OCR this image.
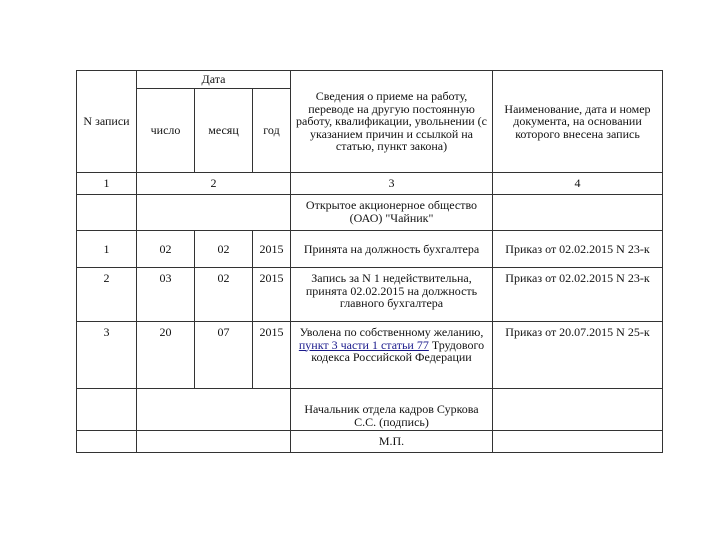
N записи	Дата			Сведения о приеме на работу, переводе на другую постоянную работу, квалификации, увольнении (с указанием причин и ссылкой на статью, пункт закона)	Наименование, дата и номер документа, на основании которого внесена запись
	число	месяц	год		
1	2			3	4
				Открытое акционерное общество (ОАО) "Чайник"	
1	02	02	2015	Принята на должность бухгалтера	Приказ от 02.02.2015 N 23-к
2	03	02	2015	Запись за N 1 недействительна, принята 02.02.2015 на должность главного бухгалтера	Приказ от 02.02.2015 N 23-к
3	20	07	2015	Уволена по собственному желанию, пункт 3 части 1 статьи 77 Трудового кодекса Российской Федерации	Приказ от 20.07.2015 N 25-к
				Начальник отдела кадров Суркова С.С. (подпись)	
				М.П.	
